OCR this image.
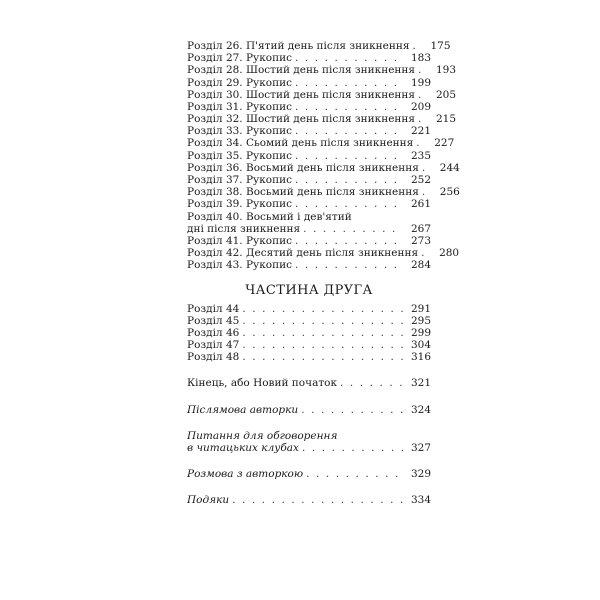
Розділ 26. П'ятий день після зникнення . . .	175
Розділ 27. Рукопис . . .	183
Розділ 28. Шостий день після зникнення . . .	193
Розділ 29. Рукопис . . .	199
Розділ 30. Шостий день після зникнення . . .	205
Розділ 31. Рукопис . . .	209
Розділ 32. Шостий день після зникнення . . .	215
Розділ 33. Рукопис . . .	221
Розділ 34. Сьомий день після зникнення . . .	227
Розділ 35. Рукопис . . .	235
Розділ 36. Восьмий день після зникнення . . .	244
Розділ 37. Рукопис . . .	252
Розділ 38. Восьмий день після зникнення . . .	256
Розділ 39. Рукопис . . .	261
Розділ 40. Восьмий і дев'ятий
дні після зникнення . . .	267
Розділ 41. Рукопис . . .	273
Розділ 42. Десятий день після зникнення . . .	280
Розділ 43. Рукопис . . .	284
ЧАСТИНА ДРУГА
Розділ 44 . . .	291
Розділ 45 . . .	295
Розділ 46 . . .	299
Розділ 47 . . .	304
Розділ 48 . . .	316
Кінець, або Новий початок . . .	321
Післямова авторки . . .	324
Питання для обговорення
в читацьких клубах . . .	327
Розмова з авторкою . . .	329
Подяки . . .	334
